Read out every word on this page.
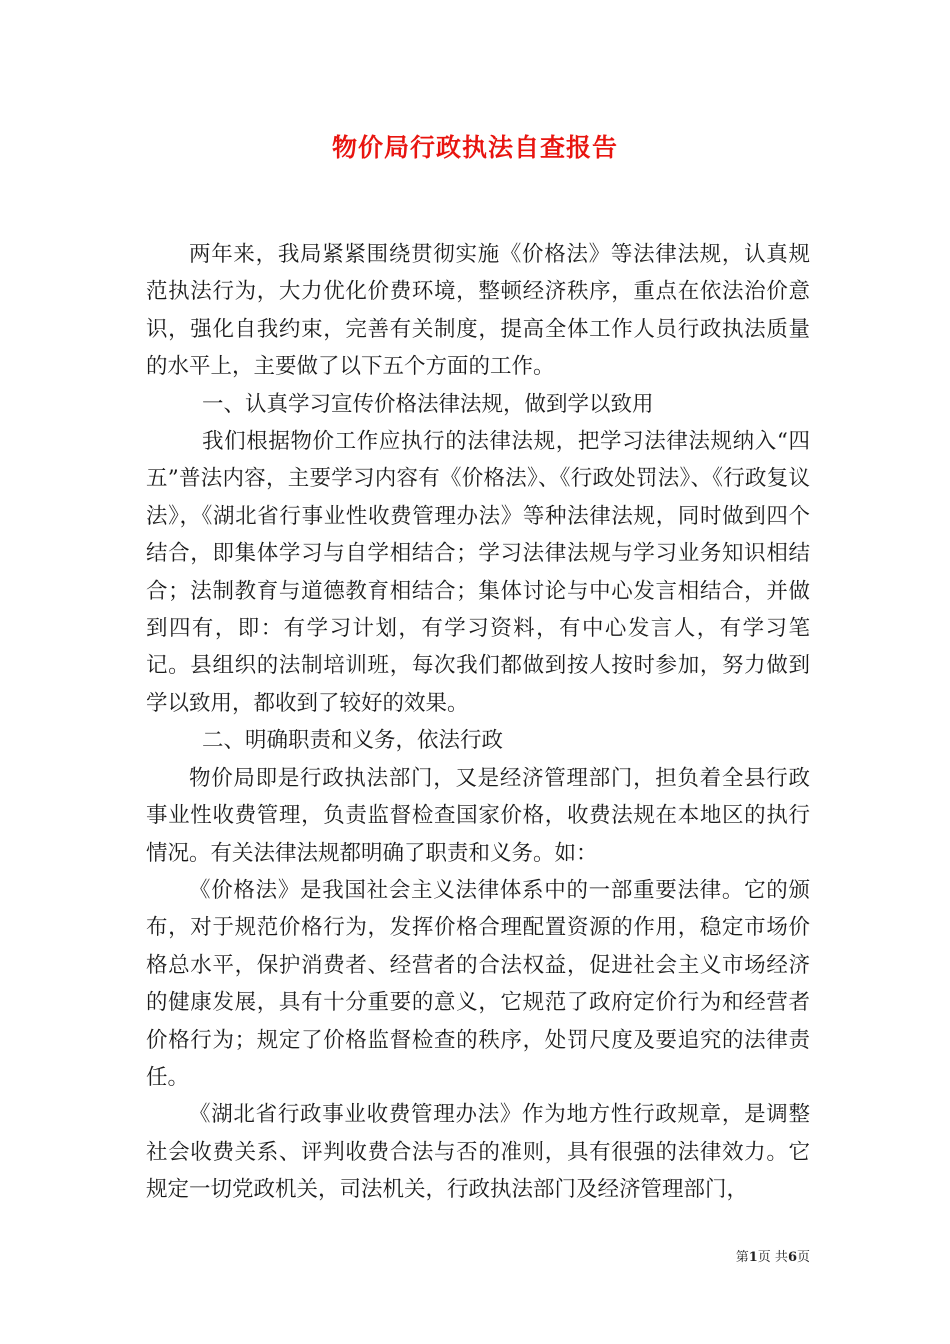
物价局行政执法自查报告

两年来，我局紧紧围绕贯彻实施《价格法》等法律法规，认真规范执法行为，大力优化价费环境，整顿经济秩序，重点在依法治价意识，强化自我约束，完善有关制度，提高全体工作人员行政执法质量的水平上，主要做了以下五个方面的工作。

一、认真学习宣传价格法律法规，做到学以致用

我们根据物价工作应执行的法律法规，把学习法律法规纳入“四五”普法内容，主要学习内容有《价格法》、《行政处罚法》、《行政复议法》，《湖北省行事业性收费管理办法》等种法律法规，同时做到四个结合，即集体学习与自学相结合；学习法律法规与学习业务知识相结合；法制教育与道德教育相结合；集体讨论与中心发言相结合，并做到四有，即：有学习计划，有学习资料，有中心发言人，有学习笔记。县组织的法制培训班，每次我们都做到按人按时参加，努力做到学以致用，都收到了较好的效果。

二、明确职责和义务，依法行政

物价局即是行政执法部门，又是经济管理部门，担负着全县行政事业性收费管理，负责监督检查国家价格，收费法规在本地区的执行情况。有关法律法规都明确了职责和义务。如：

《价格法》是我国社会主义法律体系中的一部重要法律。它的颁布，对于规范价格行为，发挥价格合理配置资源的作用，稳定市场价格总水平，保护消费者、经营者的合法权益，促进社会主义市场经济的健康发展，具有十分重要的意义，它规范了政府定价行为和经营者价格行为；规定了价格监督检查的秩序，处罚尺度及要追究的法律责任。

《湖北省行政事业收费管理办法》作为地方性行政规章，是调整社会收费关系、评判收费合法与否的准则，具有很强的法律效力。它规定一切党政机关，司法机关，行政执法部门及经济管理部门，

第1页 共6页
